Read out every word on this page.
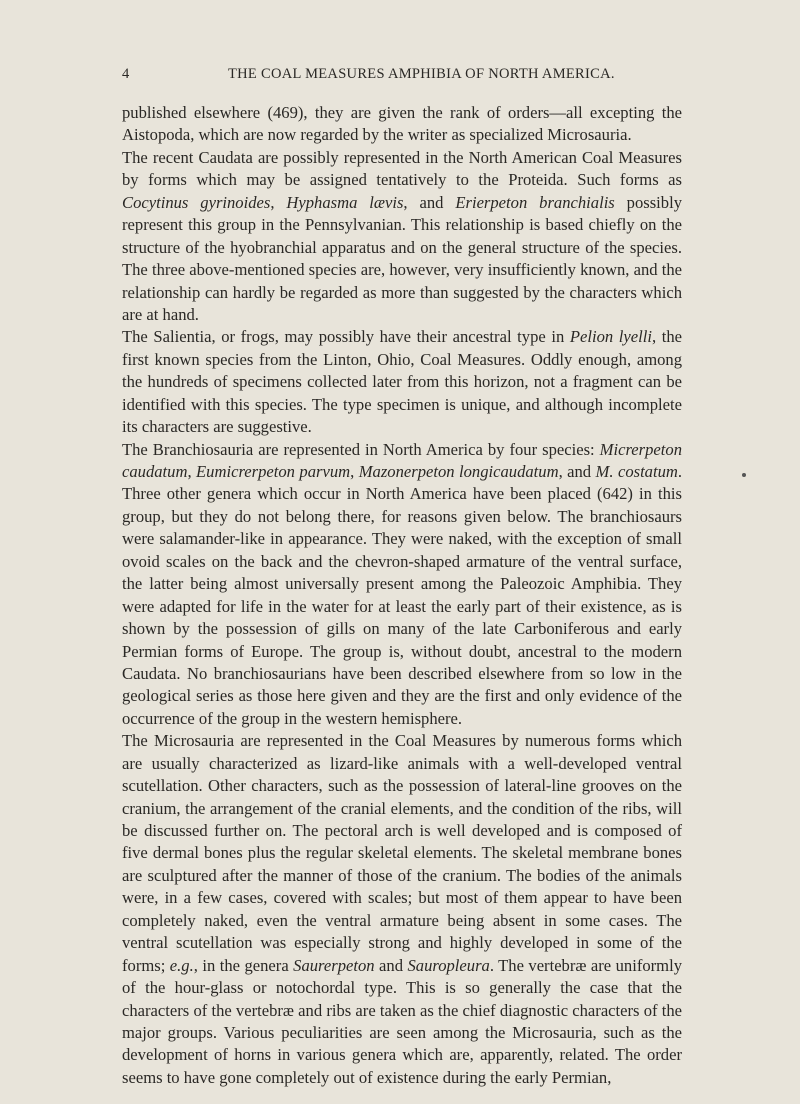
4	THE COAL MEASURES AMPHIBIA OF NORTH AMERICA.

published elsewhere (469), they are given the rank of orders—all excepting the Aistopoda, which are now regarded by the writer as specialized Microsauria.

The recent Caudata are possibly represented in the North American Coal Measures by forms which may be assigned tentatively to the Proteida. Such forms as Cocytinus gyrinoides, Hyphasma lævis, and Erierpeton branchialis possibly represent this group in the Pennsylvanian. This relationship is based chiefly on the structure of the hyobranchial apparatus and on the general structure of the species. The three above-mentioned species are, however, very insufficiently known, and the relationship can hardly be regarded as more than suggested by the characters which are at hand.

The Salientia, or frogs, may possibly have their ancestral type in Pelion lyelli, the first known species from the Linton, Ohio, Coal Measures. Oddly enough, among the hundreds of specimens collected later from this horizon, not a fragment can be identified with this species. The type specimen is unique, and although incomplete its characters are suggestive.

The Branchiosauria are represented in North America by four species: Micrerpeton caudatum, Eumicrerpeton parvum, Mazonerpeton longicaudatum, and M. costatum. Three other genera which occur in North America have been placed (642) in this group, but they do not belong there, for reasons given below. The branchiosaurs were salamander-like in appearance. They were naked, with the exception of small ovoid scales on the back and the chevron-shaped armature of the ventral surface, the latter being almost universally present among the Paleozoic Amphibia. They were adapted for life in the water for at least the early part of their existence, as is shown by the possession of gills on many of the late Carboniferous and early Permian forms of Europe. The group is, without doubt, ancestral to the modern Caudata. No branchiosaurians have been described elsewhere from so low in the geological series as those here given and they are the first and only evidence of the occurrence of the group in the western hemisphere.

The Microsauria are represented in the Coal Measures by numerous forms which are usually characterized as lizard-like animals with a well-developed ventral scutellation. Other characters, such as the possession of lateral-line grooves on the cranium, the arrangement of the cranial elements, and the condition of the ribs, will be discussed further on. The pectoral arch is well developed and is composed of five dermal bones plus the regular skeletal elements. The skeletal membrane bones are sculptured after the manner of those of the cranium. The bodies of the animals were, in a few cases, covered with scales; but most of them appear to have been completely naked, even the ventral armature being absent in some cases. The ventral scutellation was especially strong and highly developed in some of the forms; e.g., in the genera Saurerpeton and Sauropleura. The vertebræ are uniformly of the hour-glass or notochordal type. This is so generally the case that the characters of the vertebræ and ribs are taken as the chief diagnostic characters of the major groups. Various peculiarities are seen among the Microsauria, such as the development of horns in various genera which are, apparently, related. The order seems to have gone completely out of existence during the early Permian,
